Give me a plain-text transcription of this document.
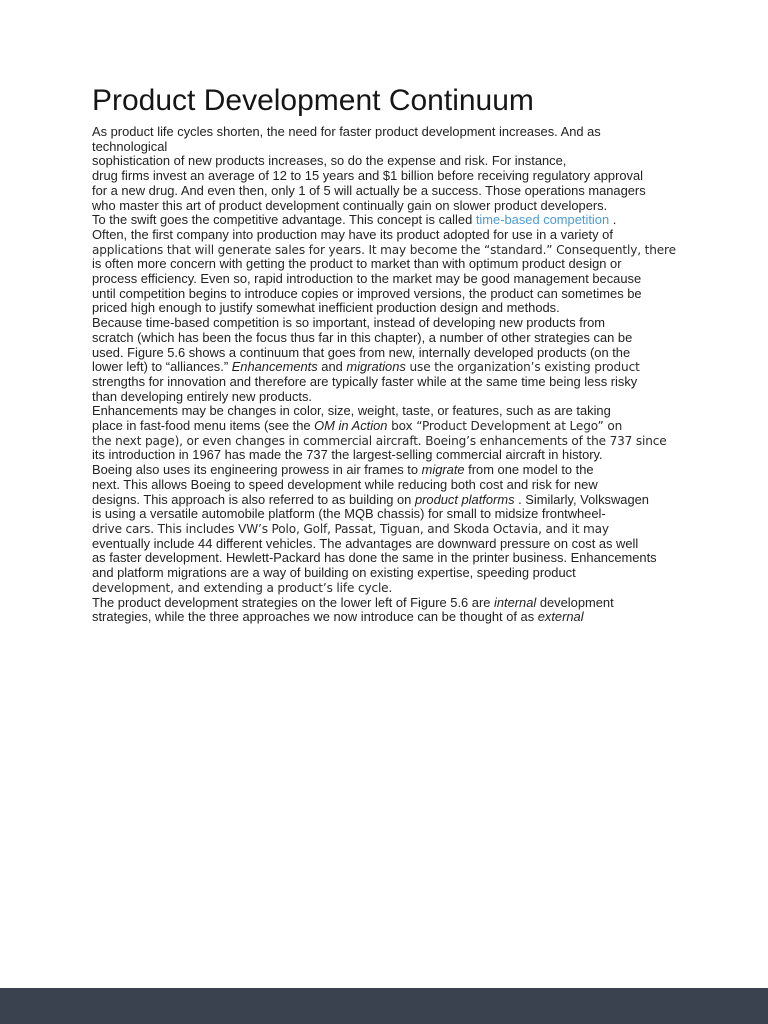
Product Development Continuum
As product life cycles shorten, the need for faster product development increases. And as
technological
sophistication of new products increases, so do the expense and risk. For instance,
drug firms invest an average of 12 to 15 years and $1 billion before receiving regulatory approval
for a new drug. And even then, only 1 of 5 will actually be a success. Those operations managers
who master this art of product development continually gain on slower product developers.
To the swift goes the competitive advantage. This concept is called time-based competition .
Often, the first company into production may have its product adopted for use in a variety of
applications that will generate sales for years. It may become the “standard.” Consequently, there
is often more concern with getting the product to market than with optimum product design or
process efficiency. Even so, rapid introduction to the market may be good management because
until competition begins to introduce copies or improved versions, the product can sometimes be
priced high enough to justify somewhat inefficient production design and methods.
Because time-based competition is so important, instead of developing new products from
scratch (which has been the focus thus far in this chapter), a number of other strategies can be
used. Figure 5.6 shows a continuum that goes from new, internally developed products (on the
lower left) to “alliances.” Enhancements and migrations use the organization’s existing product
strengths for innovation and therefore are typically faster while at the same time being less risky
than developing entirely new products.
Enhancements may be changes in color, size, weight, taste, or features, such as are taking
place in fast-food menu items (see the OM in Action box “Product Development at Lego” on
the next page), or even changes in commercial aircraft. Boeing’s enhancements of the 737 since
its introduction in 1967 has made the 737 the largest-selling commercial aircraft in history.
Boeing also uses its engineering prowess in air frames to migrate from one model to the
next. This allows Boeing to speed development while reducing both cost and risk for new
designs. This approach is also referred to as building on product platforms . Similarly, Volkswagen
is using a versatile automobile platform (the MQB chassis) for small to midsize frontwheel-
drive cars. This includes VW’s Polo, Golf, Passat, Tiguan, and Skoda Octavia, and it may
eventually include 44 different vehicles. The advantages are downward pressure on cost as well
as faster development. Hewlett-Packard has done the same in the printer business. Enhancements
and platform migrations are a way of building on existing expertise, speeding product
development, and extending a product’s life cycle.
The product development strategies on the lower left of Figure 5.6 are internal development
strategies, while the three approaches we now introduce can be thought of as external
